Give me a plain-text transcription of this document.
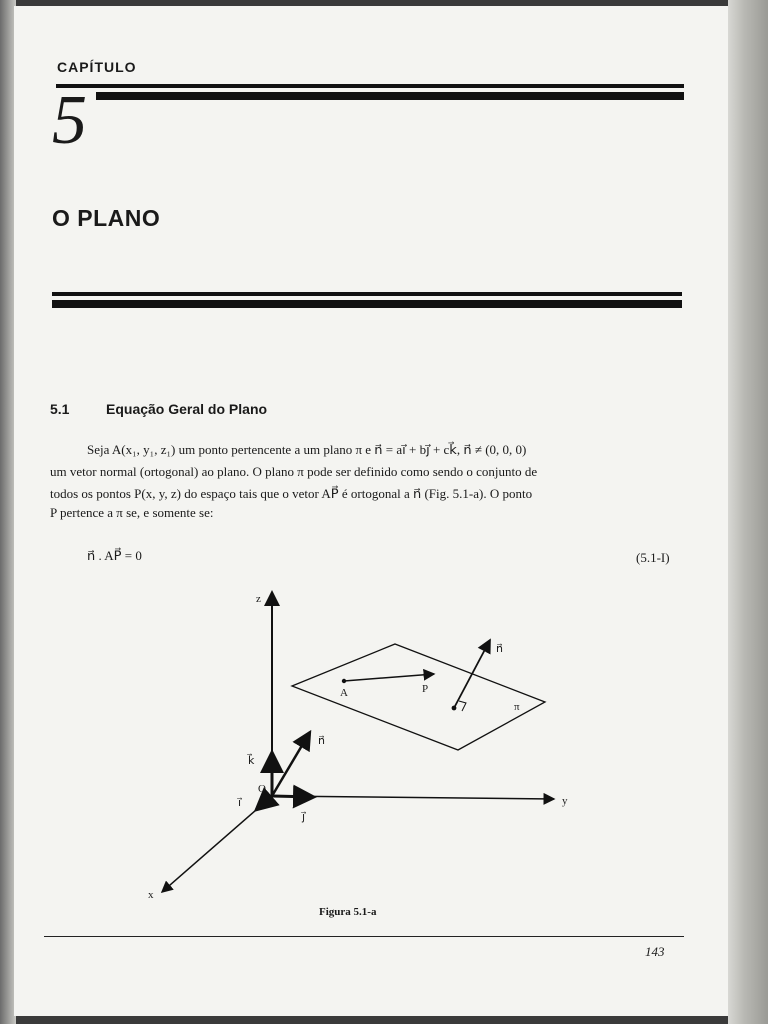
CAPÍTULO
5
O PLANO
5.1	Equação Geral do Plano
Seja A(x₁, y₁, z₁) um ponto pertencente a um plano π e n⃗ = ai⃗ + bj⃗ + ck⃗, n⃗ ≠ (0, 0, 0)
um vetor normal (ortogonal) ao plano. O plano π pode ser definido como sendo o conjunto de
todos os pontos P(x, y, z) do espaço tais que o vetor AP⃗ é ortogonal a n⃗ (Fig. 5.1-a). O ponto
P pertence a π se, e somente se:
n⃗ . AP⃗ = 0	(5.1-I)
z
y
x
O
i⃗
j⃗
k⃗
n⃗
n⃗
A	P
π
Figura 5.1-a
143
